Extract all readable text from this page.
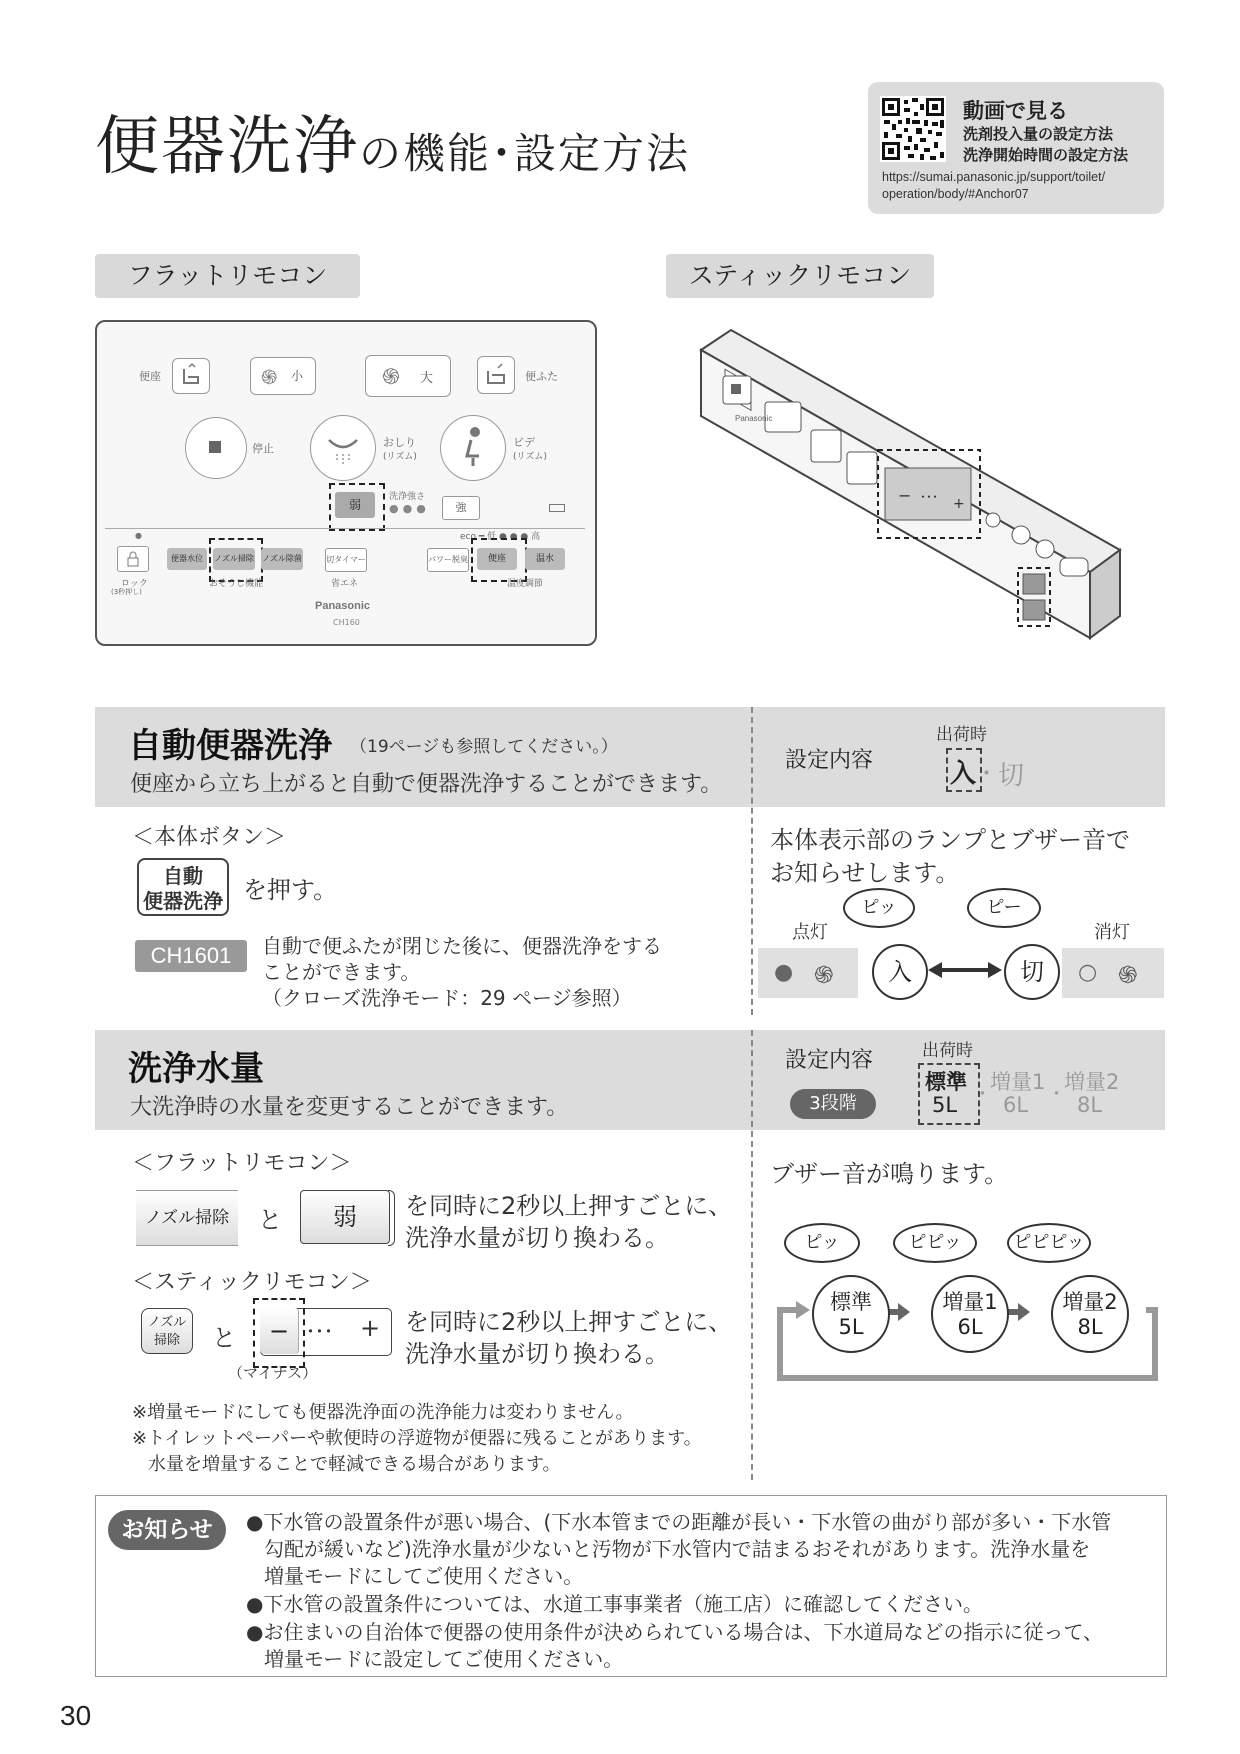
便器洗浄の機能･設定方法
動画で見る
洗剤投入量の設定方法
洗浄開始時間の設定方法
https://sumai.panasonic.jp/support/toilet/
operation/body/#Anchor07
フラットリモコン	スティックリモコン
便座	֍ 小	֍ 大	便ふた
停止	おしり
(リズム)
ビデ
(リズム)
弱
洗浄強さ
●●●	強
●	eco ━ 低 ● ● ● 高
ロック
(3秒押し)
便器水位	ノズル掃除 ノズル除菌
おそうじ機能
切タイマー
省エネ
パワー脱臭	便座	温水
温度調節
Panasonic
CH160
Panasonic
− ･･･ +
自動便器洗浄 （19ページも参照してください。）
便座から立ち上がると自動で便器洗浄することができます。
設定内容
出荷時
入 ･ 切
＜本体ボタン＞
自動
便器洗浄 を押す。
CH1601	自動で便ふたが閉じた後に、便器洗浄をする
ことができます。
（クローズ洗浄モード：29 ページ参照）
本体表示部のランプとブザー音で
お知らせします。
点灯	消灯
● ֍	○ ֍
ピッ	ピー
入	切
洗浄水量
大洗浄時の水量を変更することができます。
設定内容
3段階
出荷時
標準
5L ･
増量1
6L ･
増量2
8L
＜フラットリモコン＞
ノズル掃除	と	弱	を同時に2秒以上押すごとに、
洗浄水量が切り換わる。
＜スティックリモコン＞
ノズル
掃除	と	− ･･･ +
（マイナス）
を同時に2秒以上押すごとに、
洗浄水量が切り換わる。
※増量モードにしても便器洗浄面の洗浄能力は変わりません。
※トイレットペーパーや軟便時の浮遊物が便器に残ることがあります。
水量を増量することで軽減できる場合があります。
ブザー音が鳴ります。
ピッ	ピピッ	ピピピッ
標準
5L
増量1
6L
増量2
8L
お知らせ	●下水管の設置条件が悪い場合、(下水本管までの距離が長い・下水管の曲がり部が多い・下水管
勾配が緩いなど)洗浄水量が少ないと汚物が下水管内で詰まるおそれがあります。洗浄水量を
増量モードにしてご使用ください。
●下水管の設置条件については、水道工事事業者（施工店）に確認してください。
●お住まいの自治体で便器の使用条件が決められている場合は、下水道局などの指示に従って、
増量モードに設定してご使用ください。
30
